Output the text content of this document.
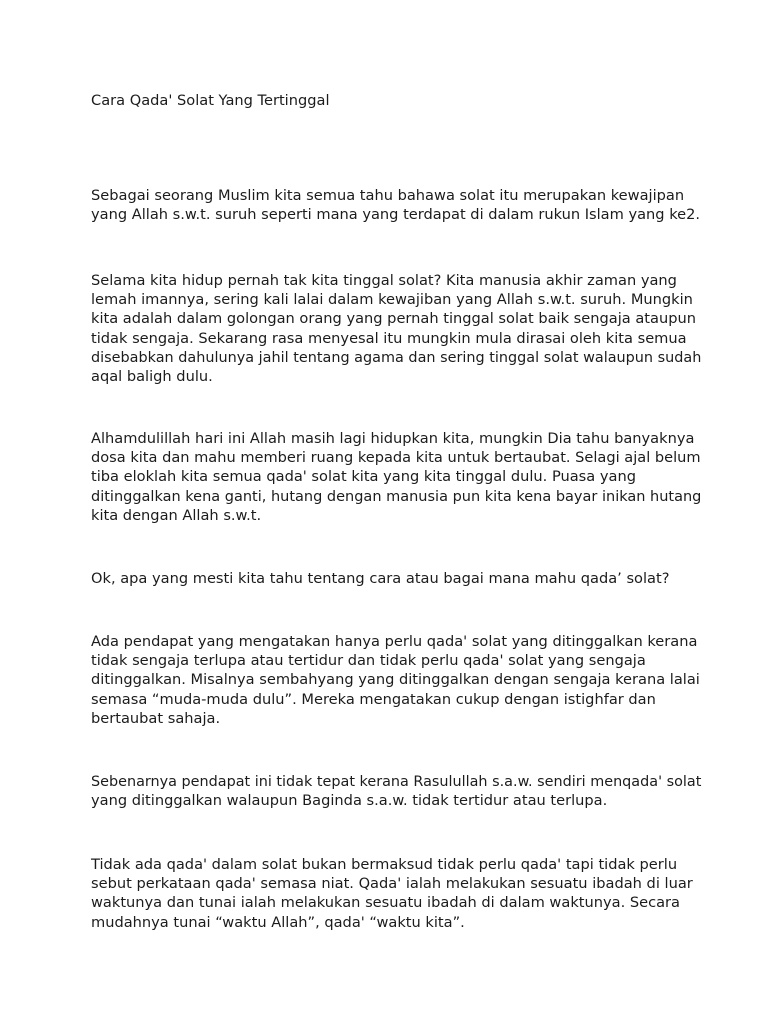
Cara Qada' Solat Yang Tertinggal
Sebagai seorang Muslim kita semua tahu bahawa solat itu merupakan kewajipan
yang Allah s.w.t. suruh seperti mana yang terdapat di dalam rukun Islam yang ke2.
Selama kita hidup pernah tak kita tinggal solat? Kita manusia akhir zaman yang
lemah imannya, sering kali lalai dalam kewajiban yang Allah s.w.t. suruh. Mungkin
kita adalah dalam golongan orang yang pernah tinggal solat baik sengaja ataupun
tidak sengaja. Sekarang rasa menyesal itu mungkin mula dirasai oleh kita semua
disebabkan dahulunya jahil tentang agama dan sering tinggal solat walaupun sudah
aqal baligh dulu.
Alhamdulillah hari ini Allah masih lagi hidupkan kita, mungkin Dia tahu banyaknya
dosa kita dan mahu memberi ruang kepada kita untuk bertaubat. Selagi ajal belum
tiba eloklah kita semua qada' solat kita yang kita tinggal dulu. Puasa yang
ditinggalkan kena ganti, hutang dengan manusia pun kita kena bayar inikan hutang
kita dengan Allah s.w.t.
Ok, apa yang mesti kita tahu tentang cara atau bagai mana mahu qada’ solat?
Ada pendapat yang mengatakan hanya perlu qada' solat yang ditinggalkan kerana
tidak sengaja terlupa atau tertidur dan tidak perlu qada' solat yang sengaja
ditinggalkan. Misalnya sembahyang yang ditinggalkan dengan sengaja kerana lalai
semasa “muda-muda dulu”. Mereka mengatakan cukup dengan istighfar dan
bertaubat sahaja.
Sebenarnya pendapat ini tidak tepat kerana Rasulullah s.a.w. sendiri menqada' solat
yang ditinggalkan walaupun Baginda s.a.w. tidak tertidur atau terlupa.
Tidak ada qada' dalam solat bukan bermaksud tidak perlu qada' tapi tidak perlu
sebut perkataan qada' semasa niat. Qada' ialah melakukan sesuatu ibadah di luar
waktunya dan tunai ialah melakukan sesuatu ibadah di dalam waktunya. Secara
mudahnya tunai “waktu Allah”, qada' “waktu kita”.
